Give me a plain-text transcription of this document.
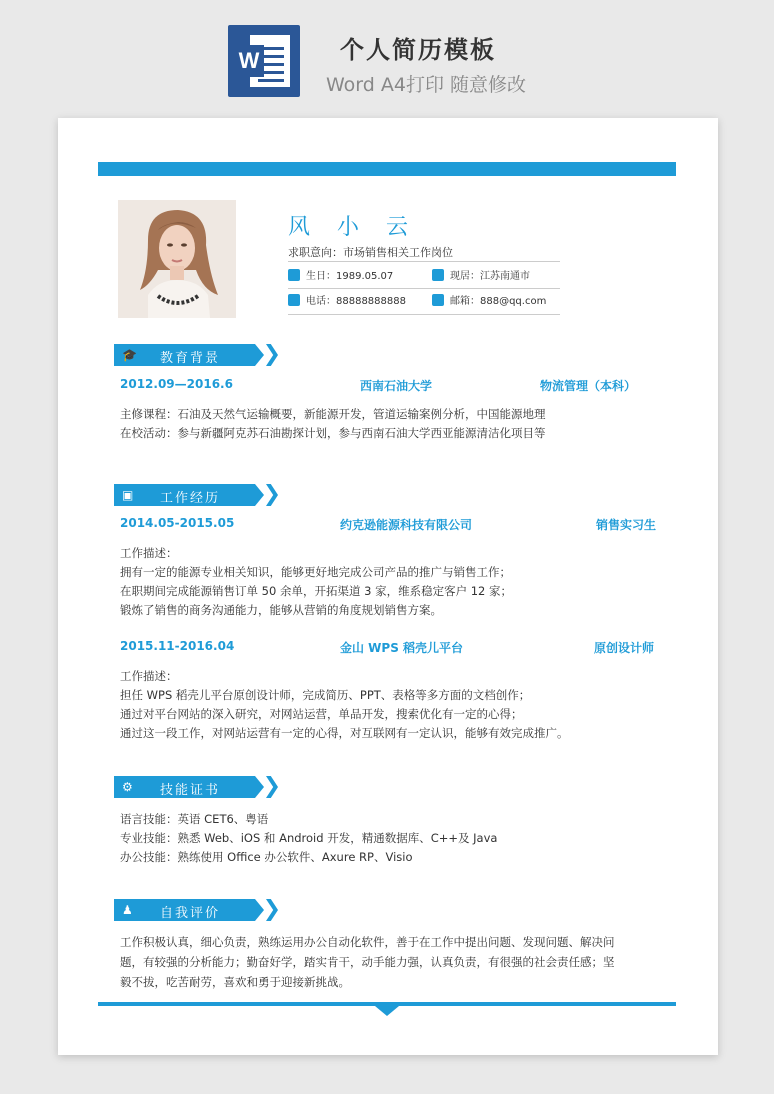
W	个人简历模板
Word A4打印 随意修改
风 小 云
求职意向：市场销售相关工作岗位
生日：1989.05.07	现居：江苏南通市
电话：88888888888	邮箱：888@qq.com
🎓 教育背景
2012.09—2016.6	西南石油大学	物流管理（本科）
主修课程：石油及天然气运输概要，新能源开发，管道运输案例分析，中国能源地理
在校活动：参与新疆阿克苏石油勘探计划，参与西南石油大学西亚能源清洁化项目等
▣ 工作经历
2014.05-2015.05	约克逊能源科技有限公司	销售实习生
工作描述：
拥有一定的能源专业相关知识，能够更好地完成公司产品的推广与销售工作；
在职期间完成能源销售订单 50 余单，开拓渠道 3 家，维系稳定客户 12 家；
锻炼了销售的商务沟通能力，能够从营销的角度规划销售方案。
2015.11-2016.04	金山 WPS 稻壳儿平台	原创设计师
工作描述：
担任 WPS 稻壳儿平台原创设计师，完成简历、PPT、表格等多方面的文档创作；
通过对平台网站的深入研究，对网站运营，单品开发，搜索优化有一定的心得；
通过这一段工作，对网站运营有一定的心得，对互联网有一定认识，能够有效完成推广。
⚙ 技能证书
语言技能：英语 CET6、粤语
专业技能：熟悉 Web、iOS 和 Android 开发，精通数据库、C++及 Java
办公技能：熟练使用 Office 办公软件、Axure RP、Visio
♟ 自我评价
工作积极认真，细心负责，熟练运用办公自动化软件，善于在工作中提出问题、发现问题、解决问
题，有较强的分析能力；勤奋好学，踏实肯干，动手能力强，认真负责，有很强的社会责任感；坚
毅不拔，吃苦耐劳，喜欢和勇于迎接新挑战。
